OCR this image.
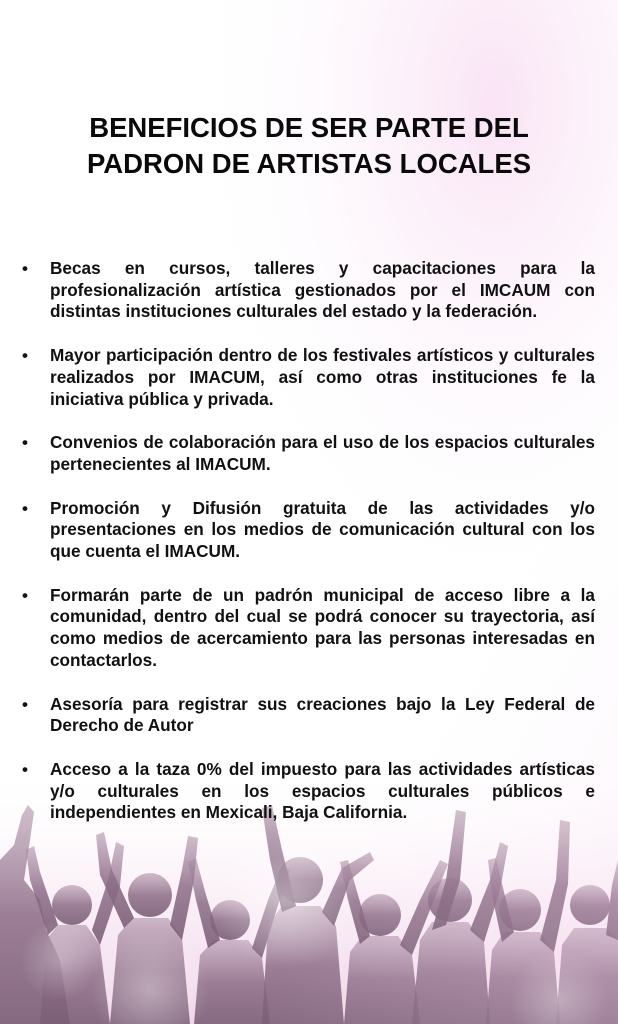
BENEFICIOS DE SER PARTE DEL
PADRON DE ARTISTAS LOCALES
• Becas en cursos, talleres y capacitaciones para la profesionalización artística gestionados por el IMCAUM con distintas instituciones culturales del estado y la federación.
• Mayor participación dentro de los festivales artísticos y culturales realizados por IMACUM, así como otras instituciones fe la iniciativa pública y privada.
• Convenios de colaboración para el uso de los espacios culturales pertenecientes al IMACUM.
• Promoción y Difusión gratuita de las actividades y/o presentaciones en los medios de comunicación cultural con los que cuenta el IMACUM.
• Formarán parte de un padrón municipal de acceso libre a la comunidad, dentro del cual se podrá conocer su trayectoria, así como medios de acercamiento para las personas interesadas en contactarlos.
• Asesoría para registrar sus creaciones bajo la Ley Federal de Derecho de Autor
• Acceso a la taza 0% del impuesto para las actividades artísticas y/o culturales en los espacios culturales públicos e independientes en Mexicali, Baja California.
